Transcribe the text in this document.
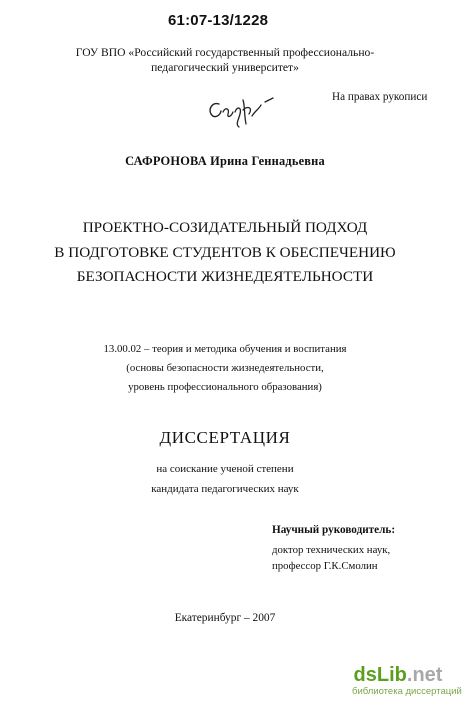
61:07-13/1228
ГОУ ВПО «Российский государственный профессионально-
педагогический университет»
На правах рукописи
САФРОНОВА Ирина Геннадьевна
ПРОЕКТНО-СОЗИДАТЕЛЬНЫЙ ПОДХОД
В ПОДГОТОВКЕ СТУДЕНТОВ К ОБЕСПЕЧЕНИЮ
БЕЗОПАСНОСТИ ЖИЗНЕДЕЯТЕЛЬНОСТИ
13.00.02 – теория и методика обучения и воспитания
(основы безопасности жизнедеятельности,
уровень профессионального образования)
ДИССЕРТАЦИЯ
на соискание ученой степени
кандидата педагогических наук
Научный руководитель:
доктор технических наук,
профессор Г.К.Смолин
Екатеринбург – 2007
dsLib.net
библиотека диссертаций
